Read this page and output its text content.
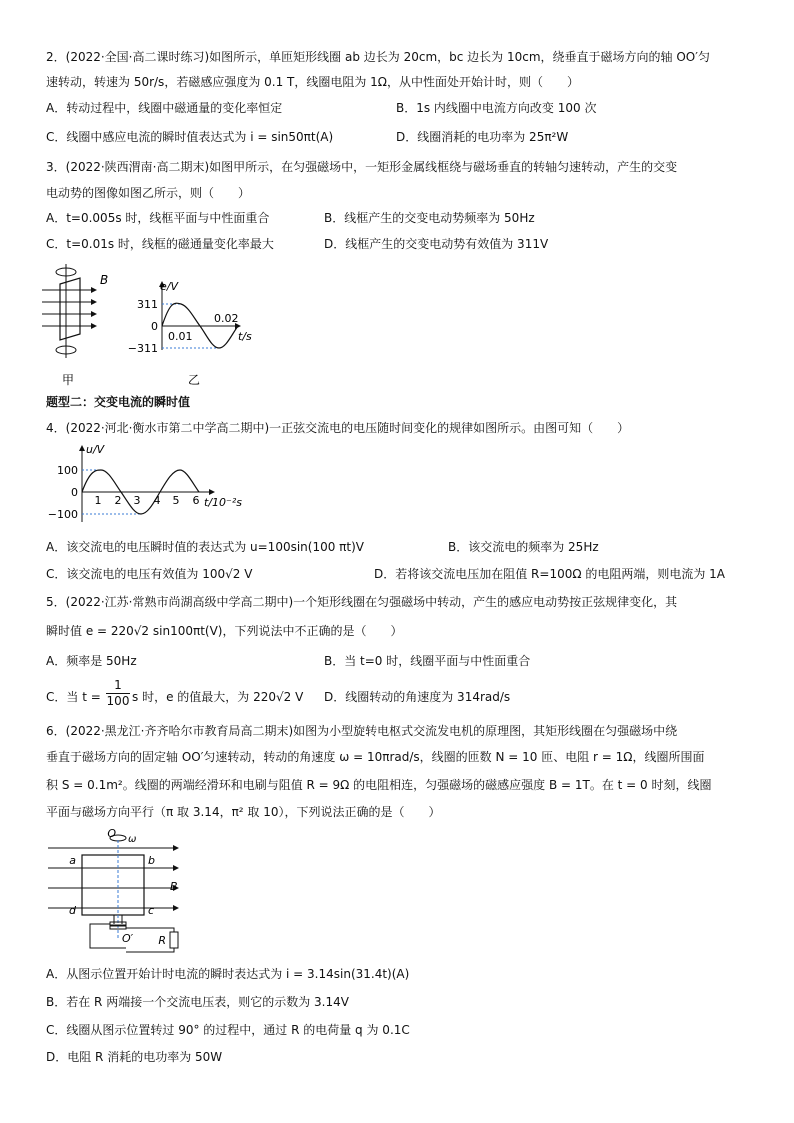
2．(2022·全国·高二课时练习)如图所示，单匝矩形线圈 ab 边长为 20cm，bc 边长为 10cm，绕垂直于磁场方向的轴 OO′匀
速转动，转速为 50r/s，若磁感应强度为 0.1 T，线圈电阻为 1Ω，从中性面处开始计时，则（　　）
A．转动过程中，线圈中磁通量的变化率恒定	B．1s 内线圈中电流方向改变 100 次
C．线圈中感应电流的瞬时值表达式为 i = sin50πt(A)	D．线圈消耗的电功率为 25π²W
3．(2022·陕西渭南·高二期末)如图甲所示，在匀强磁场中，一矩形金属线框绕与磁场垂直的转轴匀速转动，产生的交变
电动势的图像如图乙所示，则（　　）
A．t=0.005s 时，线框平面与中性面重合	B．线框产生的交变电动势频率为 50Hz
C．t=0.01s 时，线框的磁通量变化率最大	D．线框产生的交变电动势有效值为 311V
B
甲
e/V
311
0
−311
0.01
0.02
t/s
乙
题型二：交变电流的瞬时值
4．(2022·河北·衡水市第二中学高二期中)一正弦交流电的电压随时间变化的规律如图所示。由图可知（　　）
u/V
100
0
−100
1 2 3 4 5 6 t/10⁻²s
A．该交流电的电压瞬时值的表达式为 u=100sin(100 πt)V	B．该交流电的频率为 25Hz
C．该交流电的电压有效值为 100√2 V	D．若将该交流电压加在阻值 R=100Ω 的电阻两端，则电流为 1A
5．(2022·江苏·常熟市尚湖高级中学高二期中)一个矩形线圈在匀强磁场中转动，产生的感应电动势按正弦规律变化，其
瞬时值 e = 220√2 sin100πt(V)，下列说法中不正确的是（　　）
A．频率是 50Hz	B．当 t=0 时，线圈平面与中性面重合
C．当 $t = \frac{1}{100}$ s 时，e 的值最大，为 220√2 V D．线圈转动的角速度为 314rad/s
6．(2022·黑龙江·齐齐哈尔市教育局高二期末)如图为小型旋转电枢式交流发电机的原理图，其矩形线圈在匀强磁场中绕
垂直于磁场方向的固定轴 OO′匀速转动，转动的角速度 ω = 10πrad/s，线圈的匝数 N = 10 匝、电阻 r = 1Ω，线圈所围面
积 S = 0.1m²。线圈的两端经滑环和电刷与阻值 R = 9Ω 的电阻相连，匀强磁场的磁感应强度 B = 1T。在 t = 0 时刻，线圈
平面与磁场方向平行（π 取 3.14，π² 取 10），下列说法正确的是（　　）
O ω
a	b
c
d
B
R
O′
A．从图示位置开始计时电流的瞬时表达式为 i = 3.14sin(31.4t)(A)
B．若在 R 两端接一个交流电压表，则它的示数为 3.14V
C．线圈从图示位置转过 90° 的过程中，通过 R 的电荷量 q 为 0.1C
D．电阻 R 消耗的电功率为 50W
